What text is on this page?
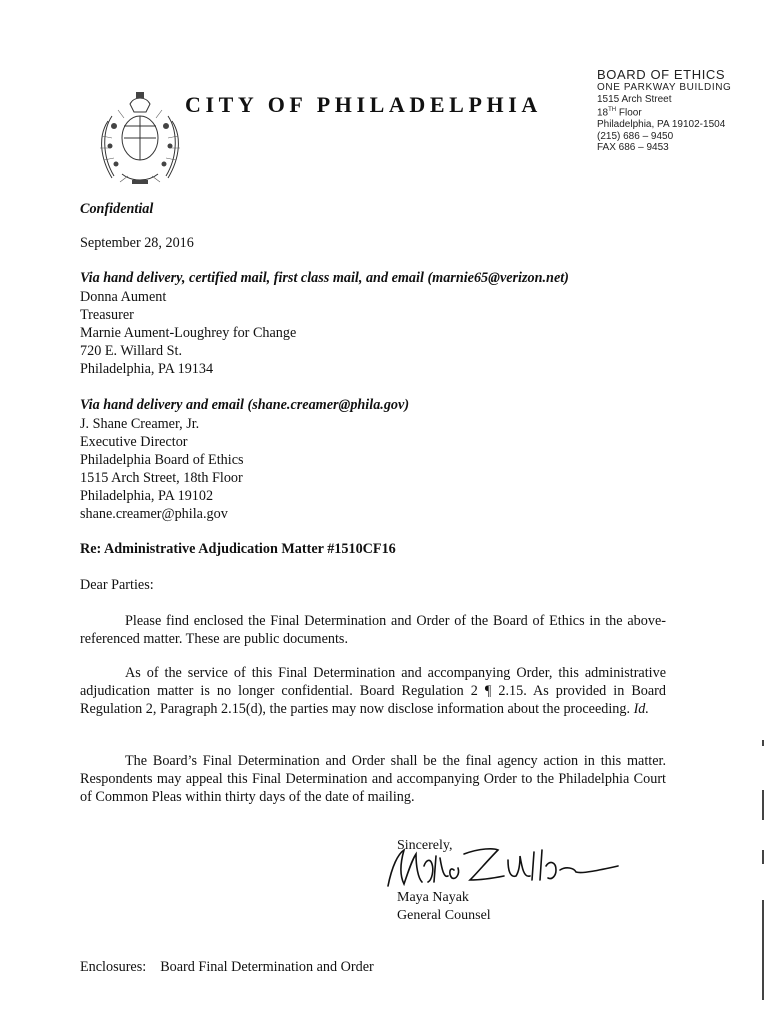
CITY OF PHILADELPHIA
BOARD OF ETHICS
ONE PARKWAY BUILDING
1515 Arch Street
18TH Floor
Philadelphia, PA 19102-1504
(215) 686 – 9450
FAX 686 – 9453
Confidential
September 28, 2016
Via hand delivery, certified mail, first class mail, and email (marnie65@verizon.net)
Donna Aument
Treasurer
Marnie Aument-Loughrey for Change
720 E. Willard St.
Philadelphia, PA 19134
Via hand delivery and email (shane.creamer@phila.gov)
J. Shane Creamer, Jr.
Executive Director
Philadelphia Board of Ethics
1515 Arch Street, 18th Floor
Philadelphia, PA 19102
shane.creamer@phila.gov
Re: Administrative Adjudication Matter #1510CF16
Dear Parties:
Please find enclosed the Final Determination and Order of the Board of Ethics in the above-referenced matter. These are public documents.
As of the service of this Final Determination and accompanying Order, this administrative adjudication matter is no longer confidential. Board Regulation 2 ¶ 2.15. As provided in Board Regulation 2, Paragraph 2.15(d), the parties may now disclose information about the proceeding. Id.
The Board’s Final Determination and Order shall be the final agency action in this matter. Respondents may appeal this Final Determination and accompanying Order to the Philadelphia Court of Common Pleas within thirty days of the date of mailing.
Sincerely,
Maya Nayak
General Counsel
Enclosures: Board Final Determination and Order
